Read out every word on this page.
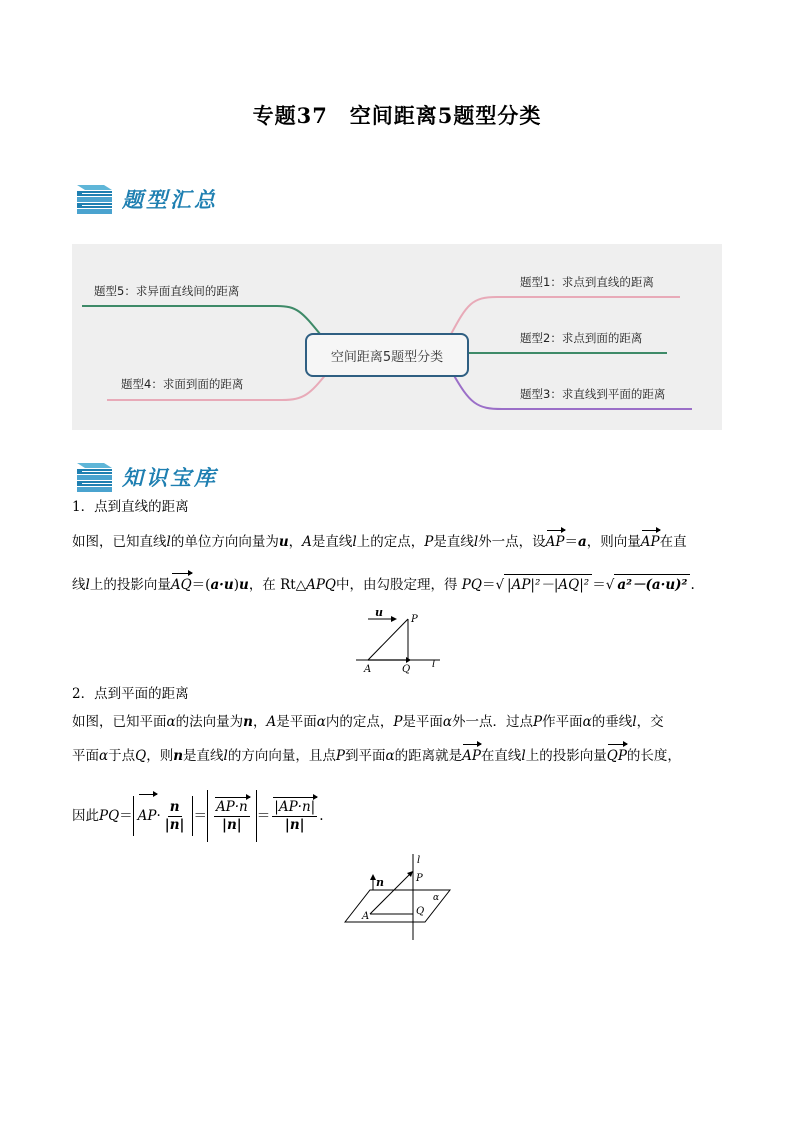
专题37　空间距离5题型分类
题型汇总
空间距离5题型分类
题型1：求点到直线的距离
题型2：求点到面的距离
题型3：求直线到平面的距离
题型4：求面到面的距离
题型5：求异面直线间的距离
知识宝库
1．点到直线的距离
如图，已知直线l的单位方向向量为u，A是直线l上的定点，P是直线l外一点，设AP＝a，则向量AP在直
线l上的投影向量AQ＝(a·u)u，在 Rt△APQ中，由勾股定理，得 PQ＝√ |AP|²－|AQ|² ＝√ a²－(a·u)² .
u
P
A	Q l
2．点到平面的距离
如图，已知平面α的法向量为n，A是平面α内的定点，P是平面α外一点．过点P作平面α的垂线l，交
平面α于点Q，则n是直线l的方向向量，且点P到平面α的距离就是AP在直线l上的投影向量QP的长度，
因此 PQ ＝ AP · $\frac{n}{|n|} = \frac{AP\cdot n}{|n|} = \frac{|AP\cdot n|}{|n|}$ .
l
n	P
α
A	Q
